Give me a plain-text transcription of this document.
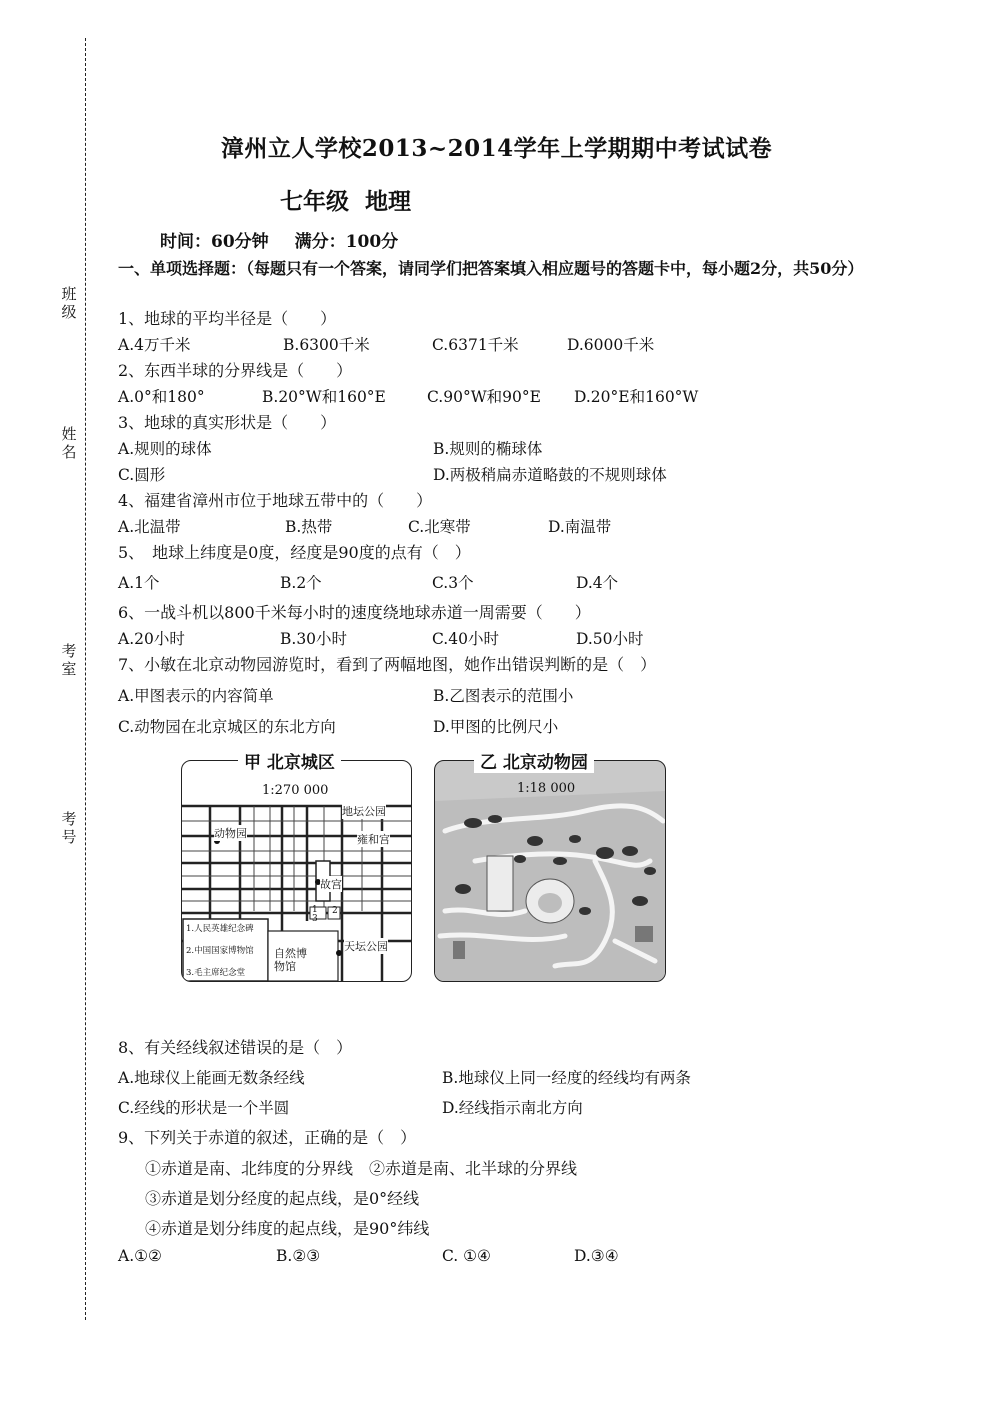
班级
姓名
考室
考号
漳州立人学校2013~2014学年上学期期中考试试卷
七年级 地理
时间：60分钟 满分：100分
一、单项选择题：（每题只有一个答案，请同学们把答案填入相应题号的答题卡中，每小题2分，共50分）
1、地球的平均半径是（　　）
A.4万千米	B.6300千米	C.6371千米	D.6000千米
2、东西半球的分界线是（　　）
A.0°和180°	B.20°W和160°E	C.90°W和90°E D.20°E和160°W
3、地球的真实形状是（　　）
A.规则的球体	B.规则的椭球体
C.圆形	D.两极稍扁赤道略鼓的不规则球体
4、福建省漳州市位于地球五带中的（　　）
A.北温带	B.热带	C.北寒带	D.南温带
5、　地球上纬度是0度，经度是90度的点有（　）
A.1个	B.2个	C.3个	D.4个
6、一战斗机以800千米每小时的速度绕地球赤道一周需要（　　）
A.20小时	B.30小时	C.40小时	D.50小时
7、小敏在北京动物园游览时，看到了两幅地图，她作出错误判断的是（　）
A.甲图表示的内容简单	B.乙图表示的范围小
C.动物园在北京城区的东北方向	D.甲图的比例尺小
1:270 000
地坛公园
动物园	雍和宫
故宫
天坛公园
自然博物馆
1 2
3
1.人民英雄纪念碑
2.中国国家博物馆
3.毛主席纪念堂
甲 北京城区
1:18 000
乙 北京动物园
8、有关经线叙述错误的是（　）
A.地球仪上能画无数条经线	B.地球仪上同一经度的经线均有两条
C.经线的形状是一个半圆	D.经线指示南北方向
9、下列关于赤道的叙述，正确的是（　）
①赤道是南、北纬度的分界线　②赤道是南、北半球的分界线
③赤道是划分经度的起点线，是0°经线
④赤道是划分纬度的起点线，是90°纬线
A.①②	B.②③	C. ①④	D.③④
